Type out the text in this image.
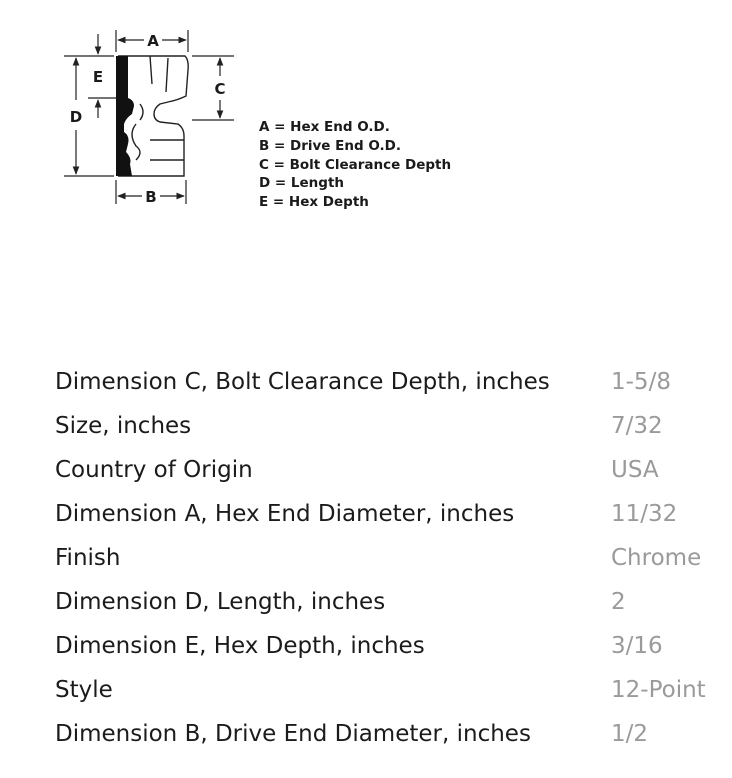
A
B
C
D
E
A = Hex End O.D.
B = Drive End O.D.
C = Bolt Clearance Depth
D = Length
E = Hex Depth
Dimension C, Bolt Clearance Depth, inches	1-5/8
Size, inches	7/32
Country of Origin	USA
Dimension A, Hex End Diameter, inches	11/32
Finish	Chrome
Dimension D, Length, inches	2
Dimension E, Hex Depth, inches	3/16
Style	12-Point
Dimension B, Drive End Diameter, inches	1/2
